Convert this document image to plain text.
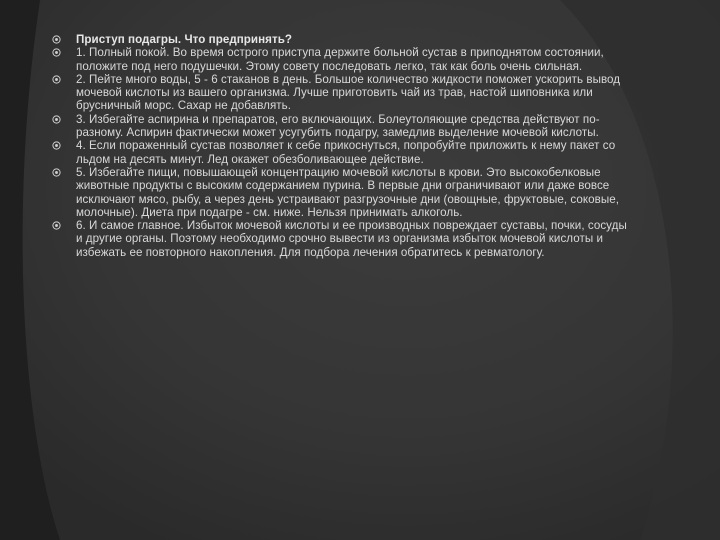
Приступ подагры. Что предпринять?
1. Полный покой. Во время острого приступа держите больной сустав в приподнятом состоянии, положите под него подушечки. Этому совету последовать легко, так как боль очень сильная.
2. Пейте много воды, 5 - 6 стаканов в день. Большое количество жидкости поможет ускорить вывод мочевой кислоты из вашего организма. Лучше приготовить чай из трав, настой шиповника или брусничный морс. Сахар не добавлять.
3. Избегайте аспирина и препаратов, его включающих. Болеутоляющие средства действуют по-разному. Аспирин фактически может усугубить подагру, замедлив выделение мочевой кислоты.
4. Если пораженный сустав позволяет к себе прикоснуться, попробуйте приложить к нему пакет со льдом на десять минут. Лед окажет обезболивающее действие.
5. Избегайте пищи, повышающей концентрацию мочевой кислоты в крови. Это высокобелковые животные продукты с высоким содержанием пурина. В первые дни ограничивают или даже вовсе исключают мясо, рыбу, а через день устраивают разгрузочные дни (овощные, фруктовые, соковые, молочные). Диета при подагре - см. ниже. Нельзя принимать алкоголь.
6. И самое главное. Избыток мочевой кислоты и ее производных повреждает суставы, почки, сосуды и другие органы. Поэтому необходимо срочно вывести из организма избыток мочевой кислоты и избежать ее повторного накопления. Для подбора лечения обратитесь к ревматологу.
